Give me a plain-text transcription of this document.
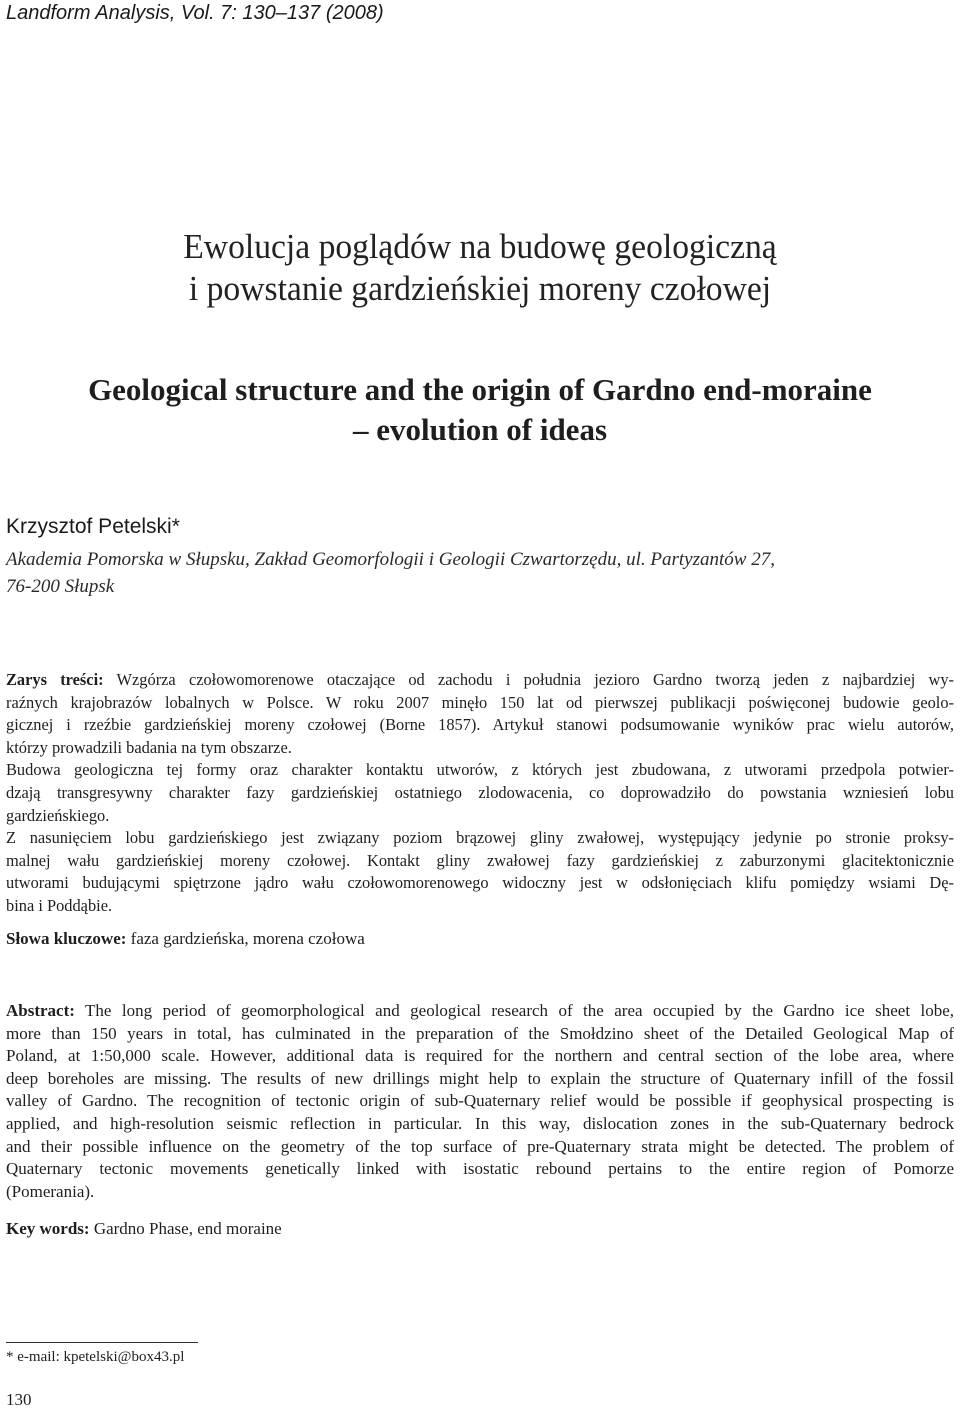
Landform Analysis, Vol. 7: 130–137 (2008)
Ewolucja poglądów na budowę geologiczną
i powstanie gardzieńskiej moreny czołowej
Geological structure and the origin of Gardno end-moraine
– evolution of ideas
Krzysztof Petelski*
Akademia Pomorska w Słupsku, Zakład Geomorfologii i Geologii Czwartorzędu, ul. Partyzantów 27,
76-200 Słupsk
Zarys treści: Wzgórza czołowomorenowe otaczające od zachodu i południa jezioro Gardno tworzą jeden z najbardziej wy-
raźnych krajobrazów lobalnych w Polsce. W roku 2007 minęło 150 lat od pierwszej publikacji poświęconej budowie geolo-
gicznej i rzeźbie gardzieńskiej moreny czołowej (Borne 1857). Artykuł stanowi podsumowanie wyników prac wielu autorów,
którzy prowadzili badania na tym obszarze.
Budowa geologiczna tej formy oraz charakter kontaktu utworów, z których jest zbudowana, z utworami przedpola potwier-
dzają transgresywny charakter fazy gardzieńskiej ostatniego zlodowacenia, co doprowadziło do powstania wzniesień lobu
gardzieńskiego.
Z nasunięciem lobu gardzieńskiego jest związany poziom brązowej gliny zwałowej, występujący jedynie po stronie proksy-
malnej wału gardzieńskiej moreny czołowej. Kontakt gliny zwałowej fazy gardzieńskiej z zaburzonymi glacitektonicznie
utworami budującymi spiętrzone jądro wału czołowomorenowego widoczny jest w odsłonięciach klifu pomiędzy wsiami Dę-
bina i Poddąbie.
Słowa kluczowe: faza gardzieńska, morena czołowa
Abstract: The long period of geomorphological and geological research of the area occupied by the Gardno ice sheet lobe,
more than 150 years in total, has culminated in the preparation of the Smołdzino sheet of the Detailed Geological Map of
Poland, at 1:50,000 scale. However, additional data is required for the northern and central section of the lobe area, where
deep boreholes are missing. The results of new drillings might help to explain the structure of Quaternary infill of the fossil
valley of Gardno. The recognition of tectonic origin of sub-Quaternary relief would be possible if geophysical prospecting is
applied, and high-resolution seismic reflection in particular. In this way, dislocation zones in the sub-Quaternary bedrock
and their possible influence on the geometry of the top surface of pre-Quaternary strata might be detected. The problem of
Quaternary tectonic movements genetically linked with isostatic rebound pertains to the entire region of Pomorze
(Pomerania).
Key words: Gardno Phase, end moraine
* e-mail: kpetelski@box43.pl
130
